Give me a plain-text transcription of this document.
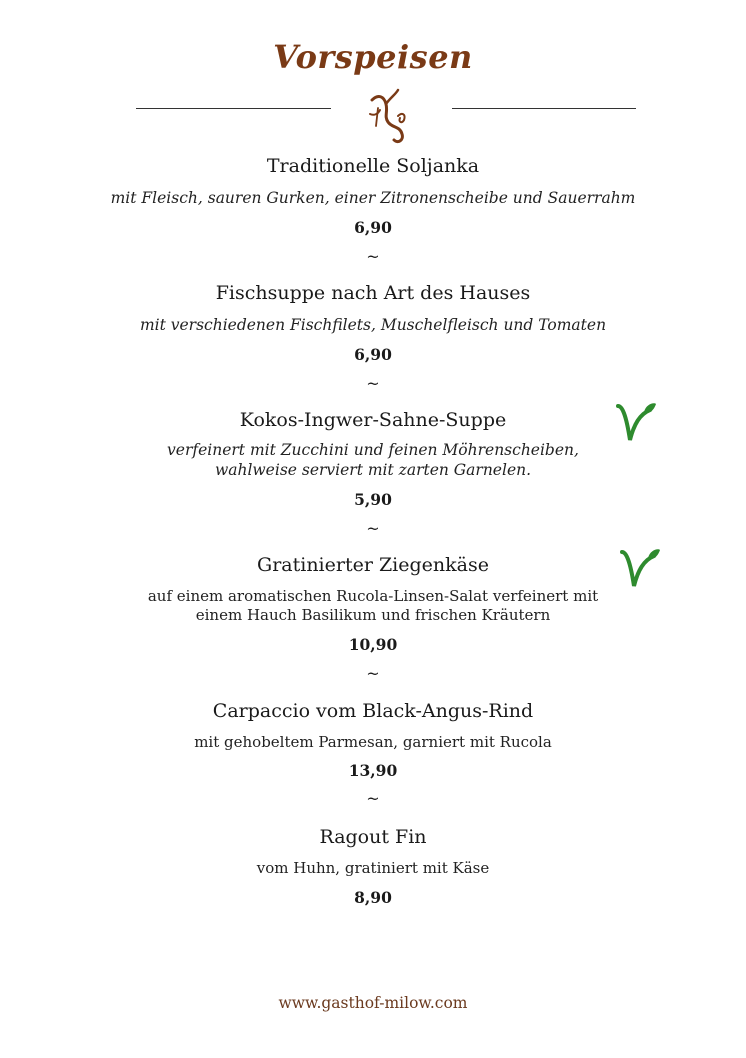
Vorspeisen
Traditionelle Soljanka
mit Fleisch, sauren Gurken, einer Zitronenscheibe und Sauerrahm
6,90
~
Fischsuppe nach Art des Hauses
mit verschiedenen Fischfilets, Muschelfleisch und Tomaten
6,90
~
Kokos-Ingwer-Sahne-Suppe
verfeinert mit Zucchini und feinen Möhrenscheiben,
wahlweise serviert mit zarten Garnelen.
5,90
~
Gratinierter Ziegenkäse
auf einem aromatischen Rucola-Linsen-Salat verfeinert mit
einem Hauch Basilikum und frischen Kräutern
10,90
~
Carpaccio vom Black-Angus-Rind
mit gehobeltem Parmesan, garniert mit Rucola
13,90
~
Ragout Fin
vom Huhn, gratiniert mit Käse
8,90
www.gasthof-milow.com
